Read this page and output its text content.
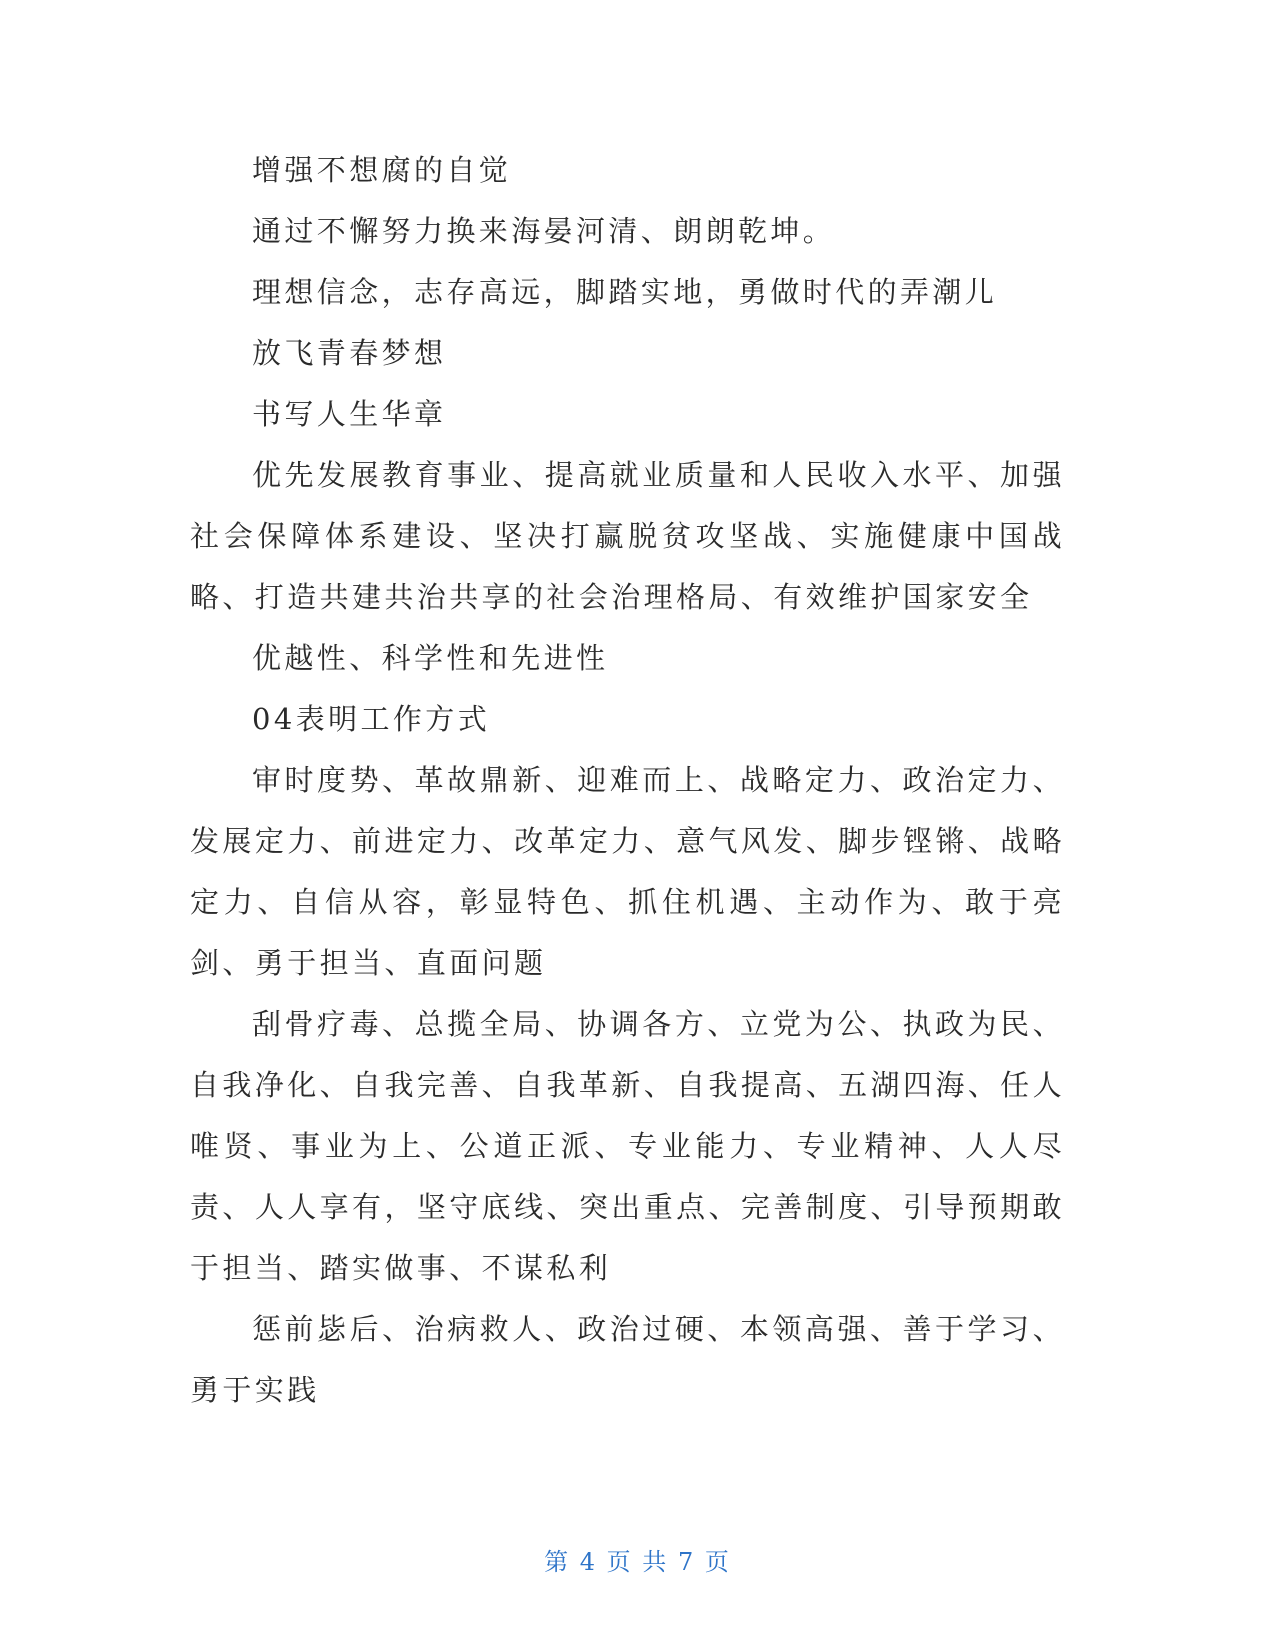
增强不想腐的自觉

通过不懈努力换来海晏河清、朗朗乾坤。

理想信念，志存高远，脚踏实地，勇做时代的弄潮儿

放飞青春梦想

书写人生华章

优先发展教育事业、提高就业质量和人民收入水平、加强社会保障体系建设、坚决打赢脱贫攻坚战、实施健康中国战略、打造共建共治共享的社会治理格局、有效维护国家安全

优越性、科学性和先进性

04表明工作方式

审时度势、革故鼎新、迎难而上、战略定力、政治定力、发展定力、前进定力、改革定力、意气风发、脚步铿锵、战略定力、自信从容，彰显特色、抓住机遇、主动作为、敢于亮剑、勇于担当、直面问题

刮骨疗毒、总揽全局、协调各方、立党为公、执政为民、自我净化、自我完善、自我革新、自我提高、五湖四海、任人唯贤、事业为上、公道正派、专业能力、专业精神、人人尽责、人人享有，坚守底线、突出重点、完善制度、引导预期敢于担当、踏实做事、不谋私利

惩前毖后、治病救人、政治过硬、本领高强、善于学习、勇于实践

第 4 页 共 7 页
